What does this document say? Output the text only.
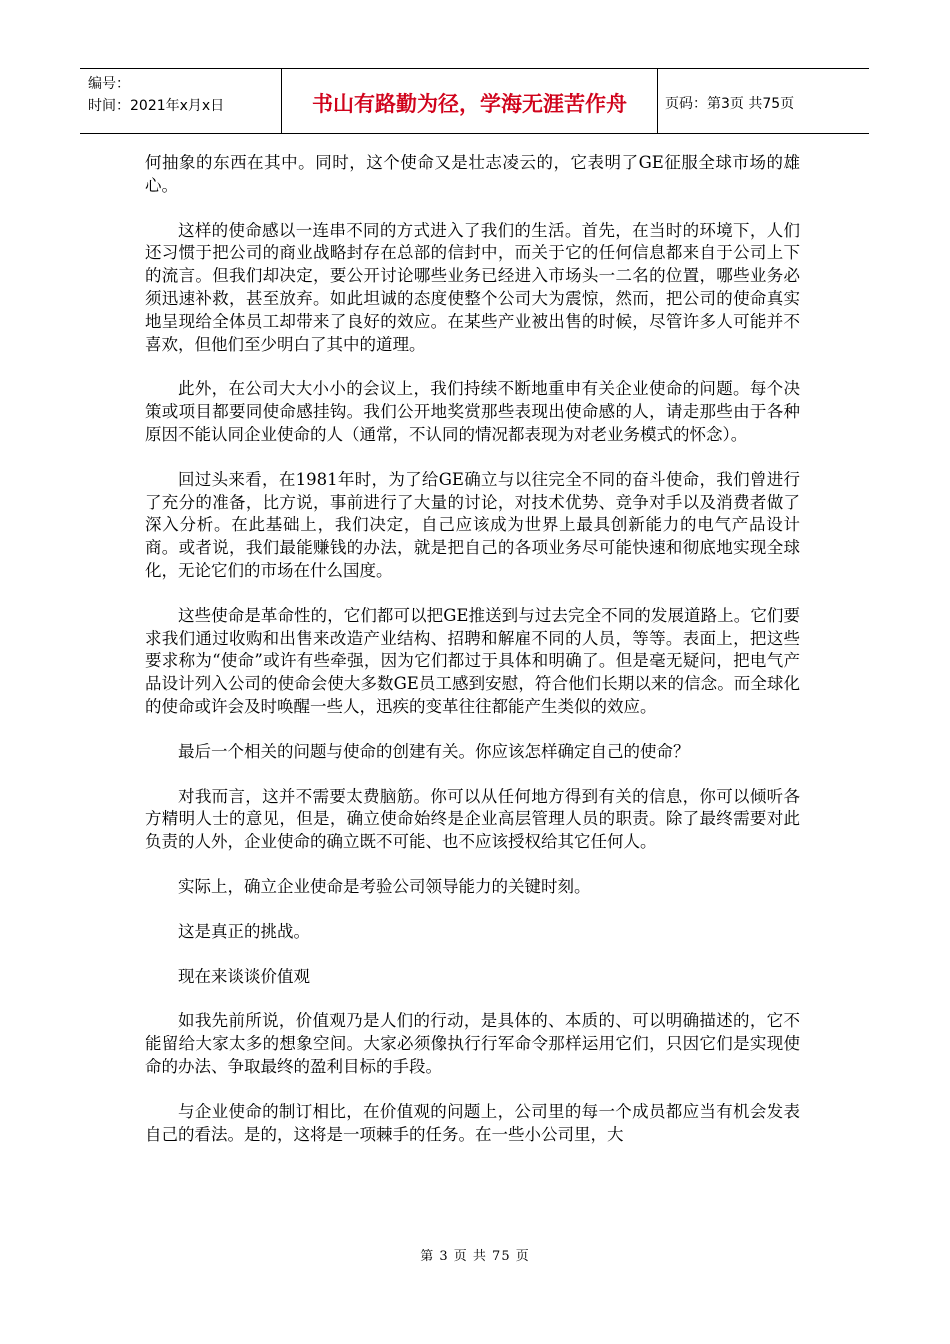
编号：
时间：2021年x月x日	书山有路勤为径，学海无涯苦作舟	页码：第3页 共75页

何抽象的东西在其中。同时，这个使命又是壮志凌云的，它表明了GE征服全球市场的雄心。

这样的使命感以一连串不同的方式进入了我们的生活。首先，在当时的环境下，人们还习惯于把公司的商业战略封存在总部的信封中，而关于它的任何信息都来自于公司上下的流言。但我们却决定，要公开讨论哪些业务已经进入市场头一二名的位置，哪些业务必须迅速补救，甚至放弃。如此坦诚的态度使整个公司大为震惊，然而，把公司的使命真实地呈现给全体员工却带来了良好的效应。在某些产业被出售的时候，尽管许多人可能并不喜欢，但他们至少明白了其中的道理。

此外，在公司大大小小的会议上，我们持续不断地重申有关企业使命的问题。每个决策或项目都要同使命感挂钩。我们公开地奖赏那些表现出使命感的人，请走那些由于各种原因不能认同企业使命的人（通常，不认同的情况都表现为对老业务模式的怀念）。

回过头来看，在1981年时，为了给GE确立与以往完全不同的奋斗使命，我们曾进行了充分的准备，比方说，事前进行了大量的讨论，对技术优势、竞争对手以及消费者做了深入分析。在此基础上，我们决定，自己应该成为世界上最具创新能力的电气产品设计商。或者说，我们最能赚钱的办法，就是把自己的各项业务尽可能快速和彻底地实现全球化，无论它们的市场在什么国度。

这些使命是革命性的，它们都可以把GE推送到与过去完全不同的发展道路上。它们要求我们通过收购和出售来改造产业结构、招聘和解雇不同的人员，等等。表面上，把这些要求称为“使命”或许有些牵强，因为它们都过于具体和明确了。但是毫无疑问，把电气产品设计列入公司的使命会使大多数GE员工感到安慰，符合他们长期以来的信念。而全球化的使命或许会及时唤醒一些人，迅疾的变革往往都能产生类似的效应。

最后一个相关的问题与使命的创建有关。你应该怎样确定自己的使命？

对我而言，这并不需要太费脑筋。你可以从任何地方得到有关的信息，你可以倾听各方精明人士的意见，但是，确立使命始终是企业高层管理人员的职责。除了最终需要对此负责的人外，企业使命的确立既不可能、也不应该授权给其它任何人。

实际上，确立企业使命是考验公司领导能力的关键时刻。

这是真正的挑战。

现在来谈谈价值观

如我先前所说，价值观乃是人们的行动，是具体的、本质的、可以明确描述的，它不能留给大家太多的想象空间。大家必须像执行行军命令那样运用它们，只因它们是实现使命的办法、争取最终的盈利目标的手段。

与企业使命的制订相比，在价值观的问题上，公司里的每一个成员都应当有机会发表自己的看法。是的，这将是一项棘手的任务。在一些小公司里，大

第 3 页 共 75 页
